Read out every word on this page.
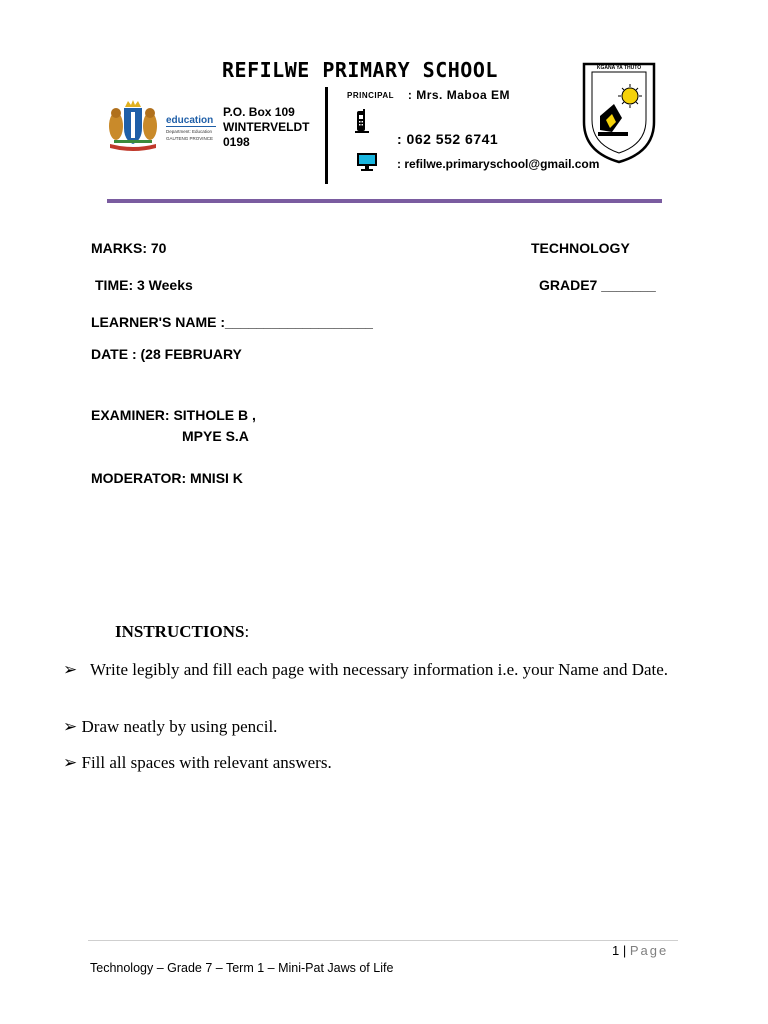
REFILWE PRIMARY SCHOOL
education
Department: Education
GAUTENG PROVINCE
P.O. Box 109
WINTERVELDT
0198
PRINCIPAL : Mrs. Maboa EM
: 062 552 6741
: refilwe.primaryschool@gmail.com
KGANA YA THUTO
MARKS: 70	TECHNOLOGY
TIME: 3 Weeks	GRADE7 _______
LEARNER'S NAME :___________________
DATE : (28 FEBRUARY
EXAMINER: SITHOLE B ,
MPYE S.A
MODERATOR: MNISI K
INSTRUCTIONS:
➢ Write legibly and fill each page with necessary information i.e. your Name and Date.
➢ Draw neatly by using pencil.
➢ Fill all spaces with relevant answers.
1 | Page
Technology – Grade 7 – Term 1 – Mini-Pat Jaws of Life
